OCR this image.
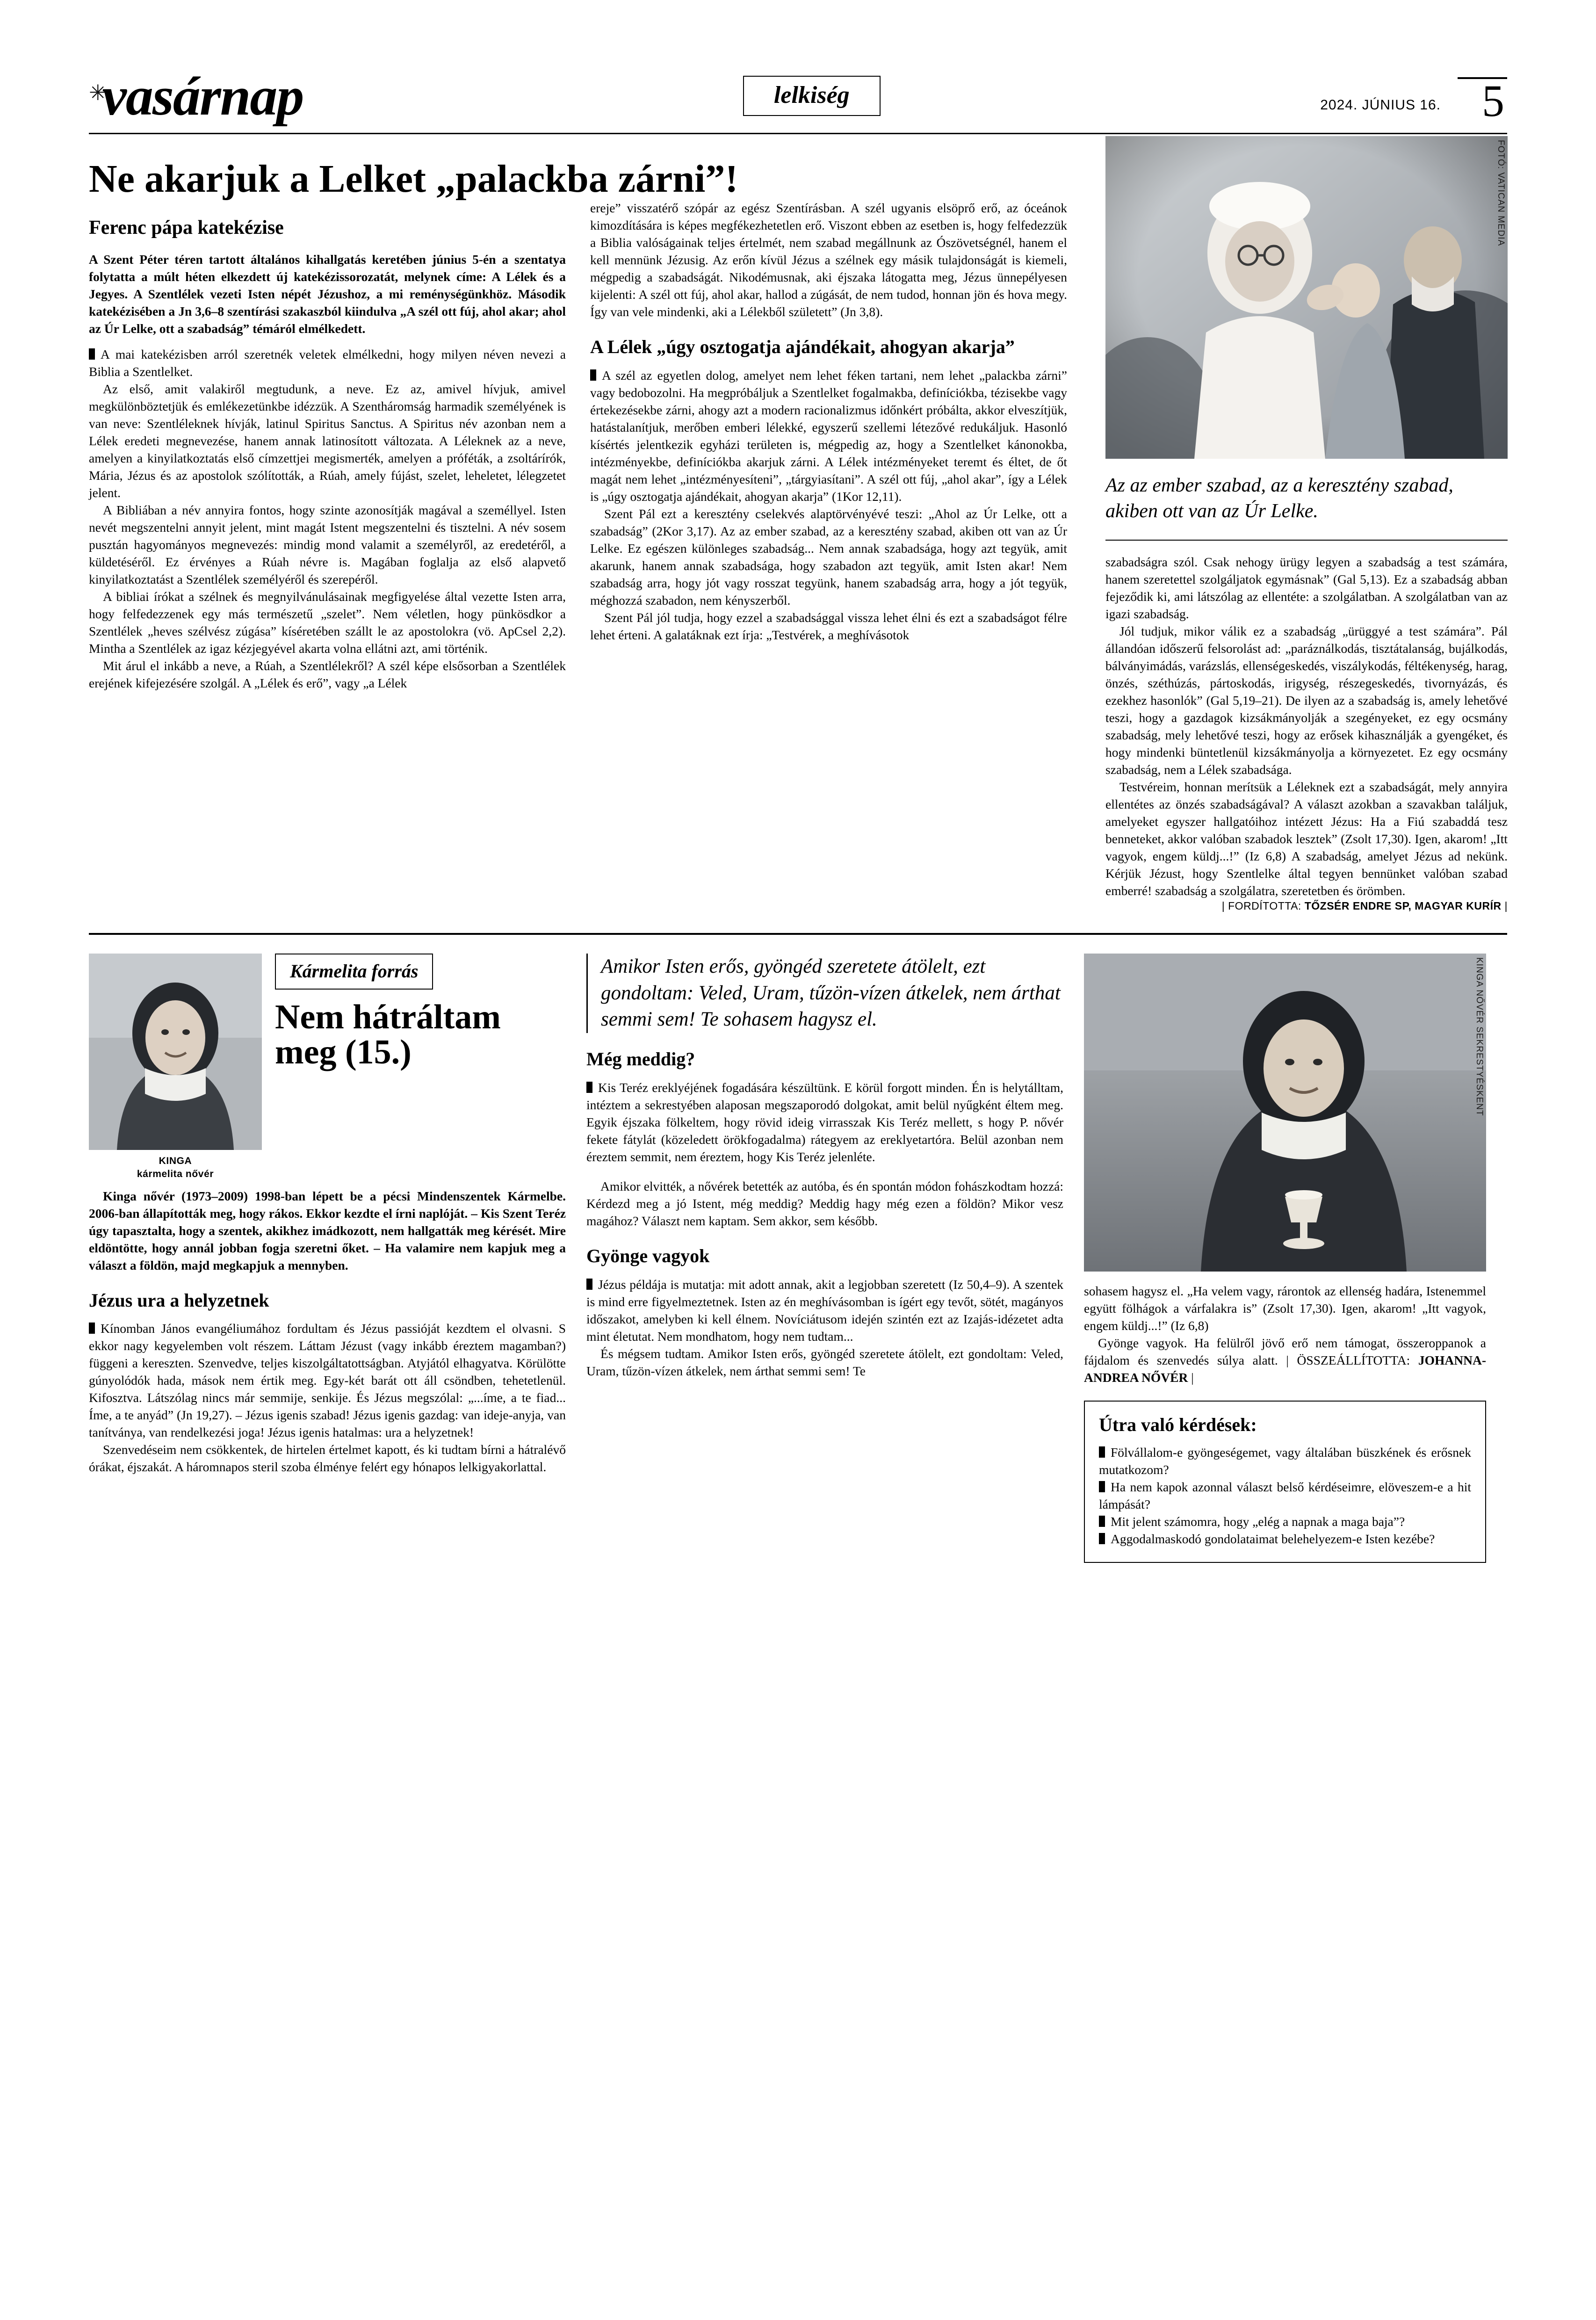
✳
vasárnap	lelkiség	2024. JÚNIUS 16. 5
Ne akarjuk a Lelket „palackba zárni”!
Ferenc pápa katekézise

A Szent Péter téren tartott általános kihallgatás keretében június 5-én a szentatya folytatta a múlt héten elkezdett új katekézissorozatát, melynek címe: A Lélek és a Jegyes. A Szentlélek vezeti Isten népét Jézushoz, a mi reménységünkhöz. Második katekézisében a Jn 3,6–8 szentírási szakaszból kiindulva „A szél ott fúj, ahol akar; ahol az Úr Lelke, ott a szabadság” témáról elmélkedett.

A mai katekézisben arról szeretnék veletek elmélkedni, hogy milyen néven nevezi a Biblia a Szentlelket.

Az első, amit valakiről megtudunk, a neve. Ez az, amivel hívjuk, amivel megkülönböztetjük és emlékezetünkbe idézzük. A Szentháromság harmadik személyének is van neve: Szentléleknek hívják, latinul Spiritus Sanctus. A Spiritus név azonban nem a Lélek eredeti megnevezése, hanem annak latinosított változata. A Léleknek az a neve, amelyen a kinyilatkoztatás első címzettjei megismerték, amelyen a próféták, a zsoltárírók, Mária, Jézus és az apostolok szólították, a Rúah, amely fújást, szelet, leheletet, lélegzetet jelent.

A Bibliában a név annyira fontos, hogy szinte azonosítják magával a személlyel. Isten nevét megszentelni annyit jelent, mint magát Istent megszentelni és tisztelni. A név sosem pusztán hagyományos megnevezés: mindig mond valamit a személyről, az eredetéről, a küldetéséről. Ez érvényes a Rúah névre is. Magában foglalja az első alapvető kinyilatkoztatást a Szentlélek személyéről és szerepéről.

A bibliai írókat a szélnek és megnyilvánulásainak megfigyelése által vezette Isten arra, hogy felfedezzenek egy más természetű „szelet”. Nem véletlen, hogy pünkösdkor a Szentlélek „heves szélvész zúgása” kíséretében szállt le az apostolokra (vö. ApCsel 2,2). Mintha a Szentlélek az igaz kézjegyével akarta volna ellátni azt, ami történik.

Mit árul el inkább a neve, a Rúah, a Szentlélekről? A szél képe elsősorban a Szentlélek erejének kifejezésére szolgál. A „Lélek és erő”, vagy „a Lélek

ereje” visszatérő szópár az egész Szentírásban. A szél ugyanis elsöprő erő, az óceánok kimozdítására is képes megfékezhetetlen erő. Viszont ebben az esetben is, hogy felfedezzük a Biblia valóságainak teljes értelmét, nem szabad megállnunk az Ószövetségnél, hanem el kell mennünk Jézusig. Az erőn kívül Jézus a szélnek egy másik tulajdonságát is kiemeli, mégpedig a szabadságát. Nikodémusnak, aki éjszaka látogatta meg, Jézus ünnepélyesen kijelenti: A szél ott fúj, ahol akar, hallod a zúgását, de nem tudod, honnan jön és hova megy. Így van vele mindenki, aki a Lélekből született” (Jn 3,8).

A Lélek „úgy osztogatja ajándékait, ahogyan akarja”

A szél az egyetlen dolog, amelyet nem lehet féken tartani, nem lehet „palackba zárni” vagy bedobozolni. Ha megpróbáljuk a Szentlelket fogalmakba, definíciókba, tézisekbe vagy értekezésekbe zárni, ahogy azt a modern racionalizmus időnkért próbálta, akkor elveszítjük, hatástalanítjuk, merőben emberi lélekké, egyszerű szellemi létezővé redukáljuk. Hasonló kísértés jelentkezik egyházi területen is, mégpedig az, hogy a Szentlelket kánonokba, intézményekbe, definíciókba akarjuk zárni. A Lélek intézményeket teremt és éltet, de őt magát nem lehet „intézményesíteni”, „tárgyiasítani”. A szél ott fúj, „ahol akar”, így a Lélek is „úgy osztogatja ajándékait, ahogyan akarja” (1Kor 12,11).

Szent Pál ezt a keresztény cselekvés alaptörvényévé teszi: „Ahol az Úr Lelke, ott a szabadság” (2Kor 3,17). Az az ember szabad, az a keresztény szabad, akiben ott van az Úr Lelke. Ez egészen különleges szabadság... Nem annak szabadsága, hogy azt tegyük, amit akarunk, hanem annak szabadsága, hogy szabadon azt tegyük, amit Isten akar! Nem szabadság arra, hogy jót vagy rosszat tegyünk, hanem szabadság arra, hogy a jót tegyük, méghozzá szabadon, nem kényszerből.

Szent Pál jól tudja, hogy ezzel a szabadsággal vissza lehet élni és ezt a szabadságot félre lehet érteni. A galatáknak ezt írja: „Testvérek, a meghívásotok

FOTÓ: VATICAN MEDIA
Az az ember szabad, az a keresztény szabad, akiben ott van az Úr Lelke.

szabadságra szól. Csak nehogy ürügy legyen a szabadság a test számára, hanem szeretettel szolgáljatok egymásnak” (Gal 5,13). Ez a szabadság abban fejeződik ki, ami látszólag az ellentéte: a szolgálatban. A szolgálatban van az igazi szabadság.

Jól tudjuk, mikor válik ez a szabadság „ürüggyé a test számára”. Pál állandóan időszerű felsorolást ad: „paráználkodás, tisztátalanság, bujálkodás, bálványimádás, varázslás, ellenségeskedés, viszálykodás, féltékenység, harag, önzés, széthúzás, pártoskodás, irigység, részegeskedés, tivornyázás, és ezekhez hasonlók” (Gal 5,19–21). De ilyen az a szabadság is, amely lehetővé teszi, hogy a gazdagok kizsákmányolják a szegényeket, ez egy ocsmány szabadság, mely lehetővé teszi, hogy az erősek kihasználják a gyengéket, és hogy mindenki büntetlenül kizsákmányolja a környezetet. Ez egy ocsmány szabadság, nem a Lélek szabadsága.

Testvéreim, honnan merítsük a Léleknek ezt a szabadságát, mely annyira ellentétes az önzés szabadságával? A választ azokban a szavakban találjuk, amelyeket egyszer hallgatóihoz intézett Jézus: Ha a Fiú szabaddá tesz benneteket, akkor valóban szabadok lesztek” (Zsolt 17,30). Igen, akarom! „Itt vagyok, engem küldj...!” (Iz 6,8) A szabadság, amelyet Jézus ad nekünk. Kérjük Jézust, hogy Szentlelke által tegyen bennünket valóban szabad emberré! szabadság a szolgálatra, szeretetben és örömben.

| FORDÍTOTTA: TŐZSÉR ENDRE SP, MAGYAR KURÍR |
KINGA
kármelita nővér
Kármelita forrás
Nem hátráltam meg (15.)

Kinga nővér (1973–2009) 1998-ban lépett be a pécsi Mindenszentek Kármelbe. 2006-ban állapították meg, hogy rákos. Ekkor kezdte el írni naplóját. – Kis Szent Teréz úgy tapasztalta, hogy a szentek, akikhez imádkozott, nem hallgatták meg kérését. Mire eldöntötte, hogy annál jobban fogja szeretni őket. – Ha valamire nem kapjuk meg a választ a földön, majd megkapjuk a mennyben.

Jézus ura a helyzetnek

Kínomban János evangéliumához fordultam és Jézus passióját kezdtem el olvasni. S ekkor nagy kegyelemben volt részem. Láttam Jézust (vagy inkább éreztem magamban?) függeni a kereszten. Szenvedve, teljes kiszolgáltatottságban. Atyjától elhagyatva. Körülötte gúnyolódók hada, mások nem értik meg. Egy-két barát ott áll csöndben, tehetetlenül. Kifosztva. Látszólag nincs már semmije, senkije. És Jézus megszólal: „...íme, a te fiad... Íme, a te anyád” (Jn 19,27). – Jézus igenis szabad! Jézus igenis gazdag: van ideje-anyja, van tanítványa, van rendelkezési joga! Jézus igenis hatalmas: ura a helyzetnek!

Szenvedéseim nem csökkentek, de hirtelen értelmet kapott, és ki tudtam bírni a hátralévő órákat, éjszakát. A háromnapos steril szoba élménye felért egy hónapos lelkigyakorlattal.

Amikor Isten erős, gyöngéd szeretete átölelt, ezt gondoltam: Veled, Uram, tűzön-vízen átkelek, nem árthat semmi sem! Te sohasem hagysz el.
Még meddig?

Kis Teréz ereklyéjének fogadására készültünk. E körül forgott minden. Én is helytálltam, intéztem a sekrestyében alaposan megszaporodó dolgokat, amit belül nyűgként éltem meg. Egyik éjszaka fölkeltem, hogy rövid ideig virrasszak Kis Teréz mellett, s hogy P. nővér fekete fátylát (közeledett örökfogadalma) rátegyem az ereklyetartóra. Belül azonban nem éreztem semmit, nem éreztem, hogy Kis Teréz jelenléte.

Amikor elvitték, a nővérek betették az autóba, és én spontán módon fohászkodtam hozzá: Kérdezd meg a jó Istent, még meddig? Meddig hagy még ezen a földön? Mikor vesz magához? Választ nem kaptam. Sem akkor, sem később.

Gyönge vagyok

Jézus példája is mutatja: mit adott annak, akit a legjobban szeretett (Iz 50,4–9). A szentek is mind erre figyelmeztetnek. Isten az én meghívásomban is ígért egy tevőt, sötét, magányos időszakot, amelyben ki kell élnem. Novíciátusom idején szintén ezt az Izajás-idézetet adta mint életutat. Nem mondhatom, hogy nem tudtam...

És mégsem tudtam. Amikor Isten erős, gyöngéd szeretete átölelt, ezt gondoltam: Veled, Uram, tűzön-vízen átkelek, nem árthat semmi sem! Te

KINGA NŐVÉR SEKRESTYÉSKENT

sohasem hagysz el. „Ha velem vagy, rárontok az ellenség hadára, Istenemmel együtt fölhágok a várfalakra is” (Zsolt 17,30). Igen, akarom! „Itt vagyok, engem küldj...!” (Iz 6,8)

Gyönge vagyok. Ha felülről jövő erő nem támogat, összeroppanok a fájdalom és szenvedés súlya alatt. | ÖSSZEÁLLÍTOTTA: JOHANNA-ANDREA NŐVÉR |

Útra való kérdések:

Fölvállalom-e gyöngeségemet, vagy általában büszkének és erősnek mutatkozom?

Ha nem kapok azonnal választ belső kérdéseimre, elöveszem-e a hit lámpását?

Mit jelent számomra, hogy „elég a napnak a maga baja”?

Aggodalmaskodó gondolataimat belehelyezem-e Isten kezébe?
